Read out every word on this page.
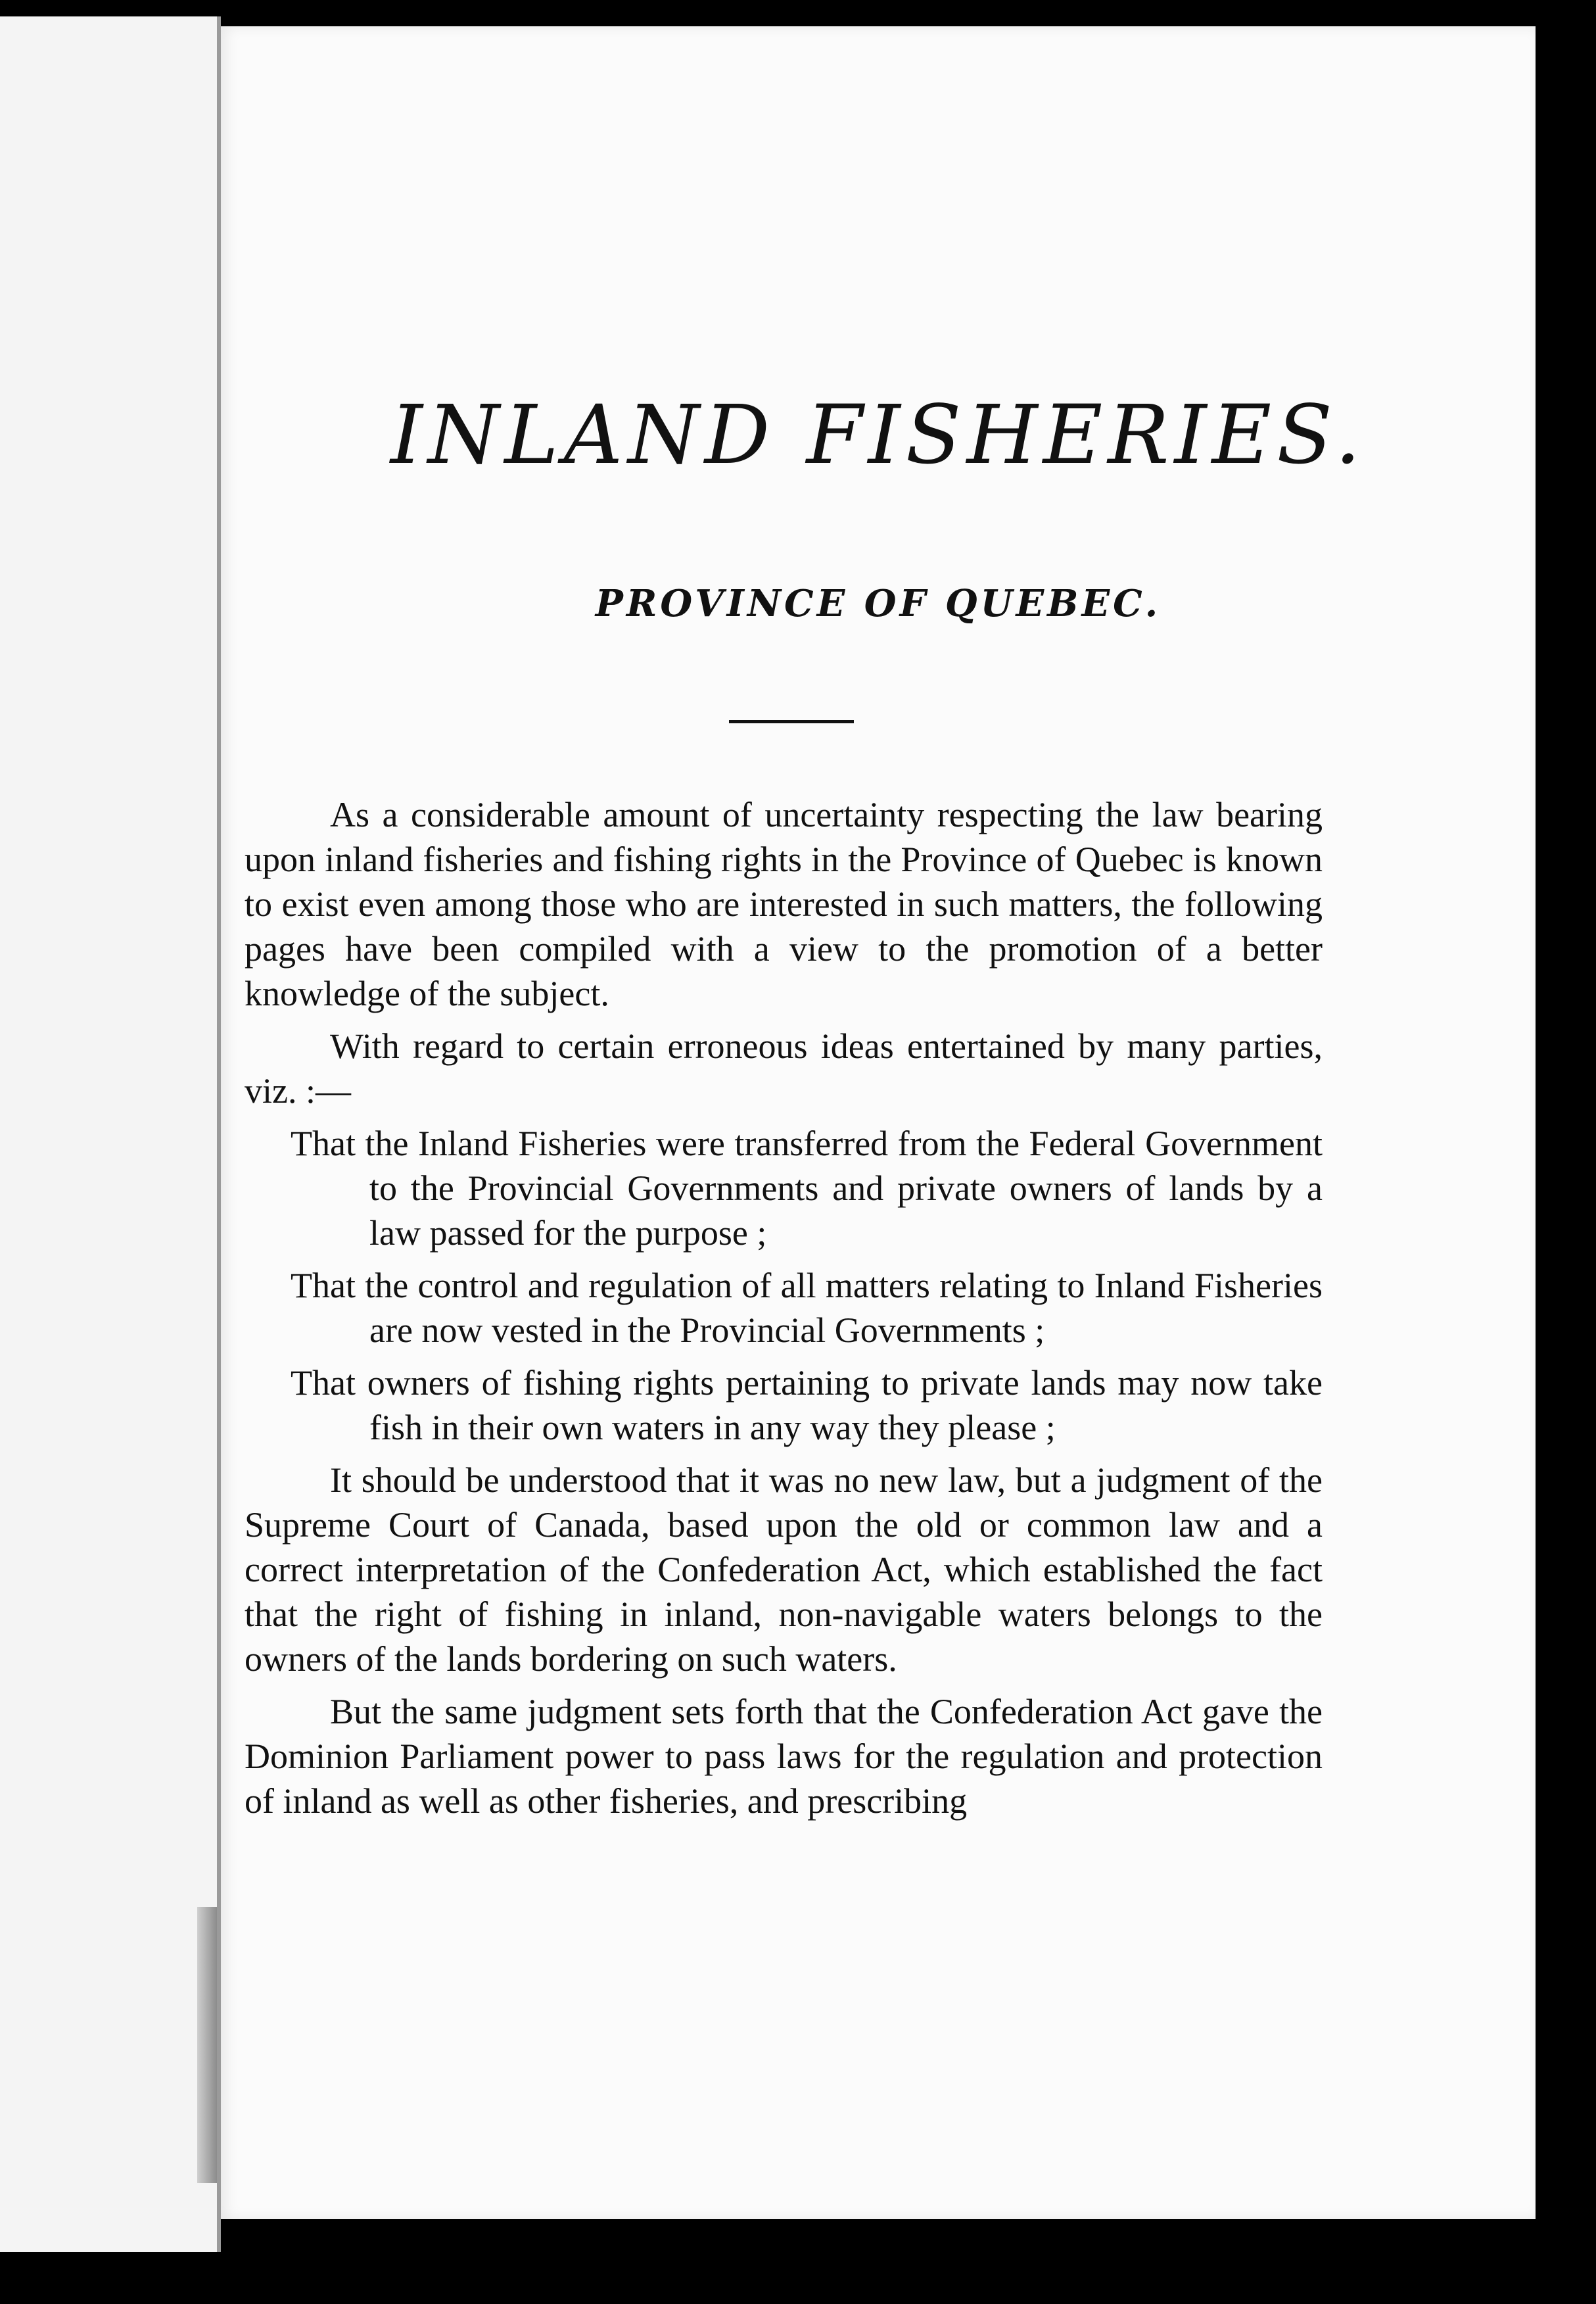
INLAND FISHERIES.
PROVINCE OF QUEBEC.

As a considerable amount of uncertainty respecting the law bearing upon inland fisheries and fishing rights in the Province of Quebec is known to exist even among those who are interested in such matters, the following pages have been compiled with a view to the promotion of a better knowledge of the subject.

With regard to certain erroneous ideas entertained by many parties, viz. :—

That the Inland Fisheries were transferred from the Federal Government to the Provincial Governments and private owners of lands by a law passed for the purpose ;

That the control and regulation of all matters relating to Inland Fisheries are now vested in the Provincial Governments ;

That owners of fishing rights pertaining to private lands may now take fish in their own waters in any way they please ;

It should be understood that it was no new law, but a judgment of the Supreme Court of Canada, based upon the old or common law and a correct interpretation of the Confederation Act, which established the fact that the right of fishing in inland, non-navigable waters belongs to the owners of the lands bordering on such waters.

But the same judgment sets forth that the Confederation Act gave the Dominion Parliament power to pass laws for the regulation and protection of inland as well as other fisheries, and prescribing
